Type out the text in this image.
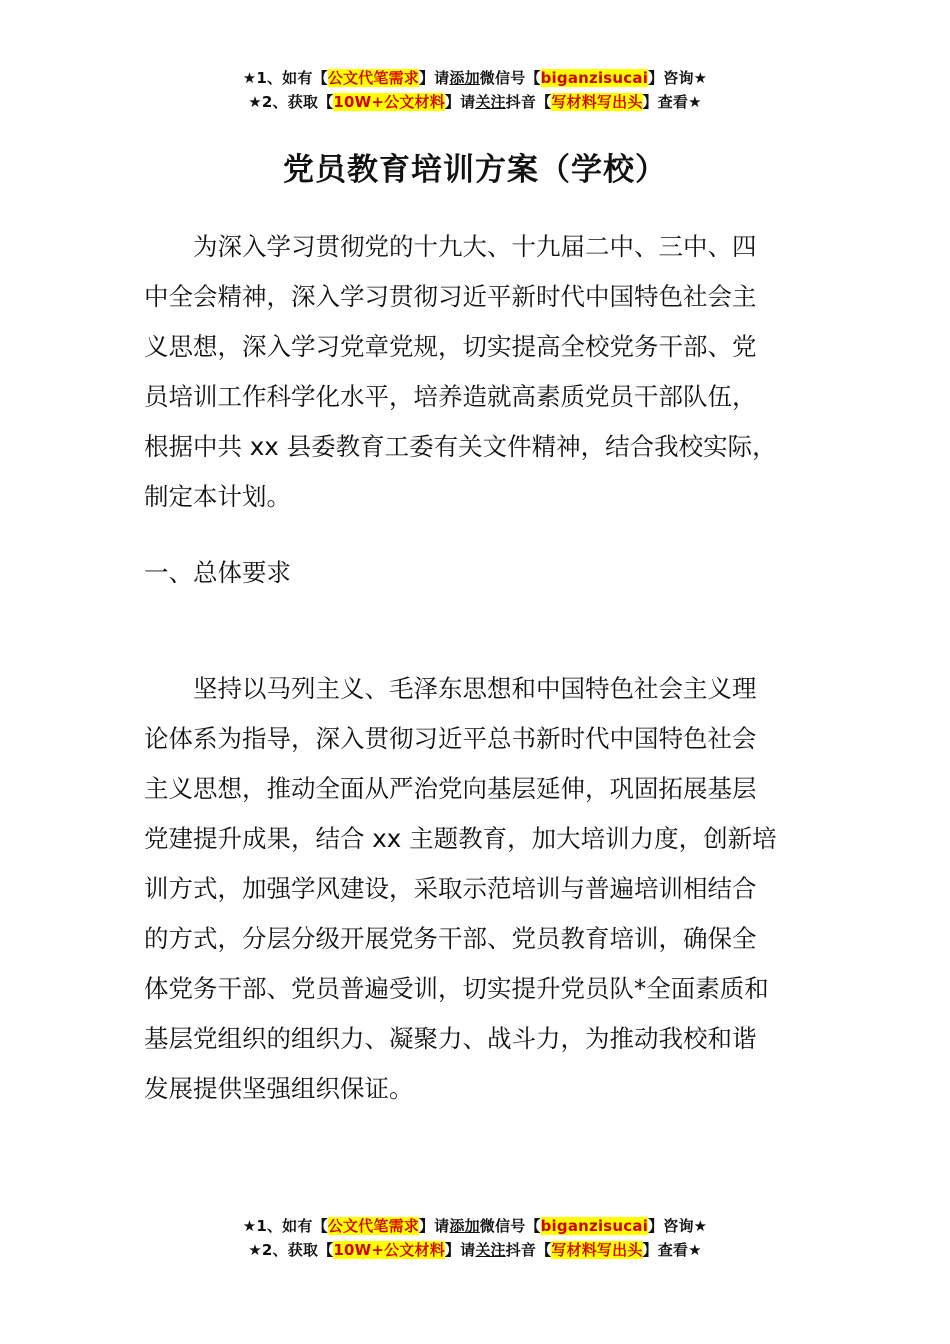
★1、如有【公文代笔需求】请添加微信号【biganzisucai】咨询★
★2、获取【10W+公文材料】请关注抖音【写材料写出头】查看★
党员教育培训方案（学校）
　　为深入学习贯彻党的十九大、十九届二中、三中、四
中全会精神，深入学习贯彻习近平新时代中国特色社会主
义思想，深入学习党章党规，切实提高全校党务干部、党
员培训工作科学化水平，培养造就高素质党员干部队伍，
根据中共 xx 县委教育工委有关文件精神，结合我校实际，
制定本计划。
一、总体要求
　　坚持以马列主义、毛泽东思想和中国特色社会主义理
论体系为指导，深入贯彻习近平总书新时代中国特色社会
主义思想，推动全面从严治党向基层延伸，巩固拓展基层
党建提升成果，结合 xx 主题教育，加大培训力度，创新培
训方式，加强学风建设，采取示范培训与普遍培训相结合
的方式，分层分级开展党务干部、党员教育培训，确保全
体党务干部、党员普遍受训，切实提升党员队*全面素质和
基层党组织的组织力、凝聚力、战斗力，为推动我校和谐
发展提供坚强组织保证。
★1、如有【公文代笔需求】请添加微信号【biganzisucai】咨询★
★2、获取【10W+公文材料】请关注抖音【写材料写出头】查看★
